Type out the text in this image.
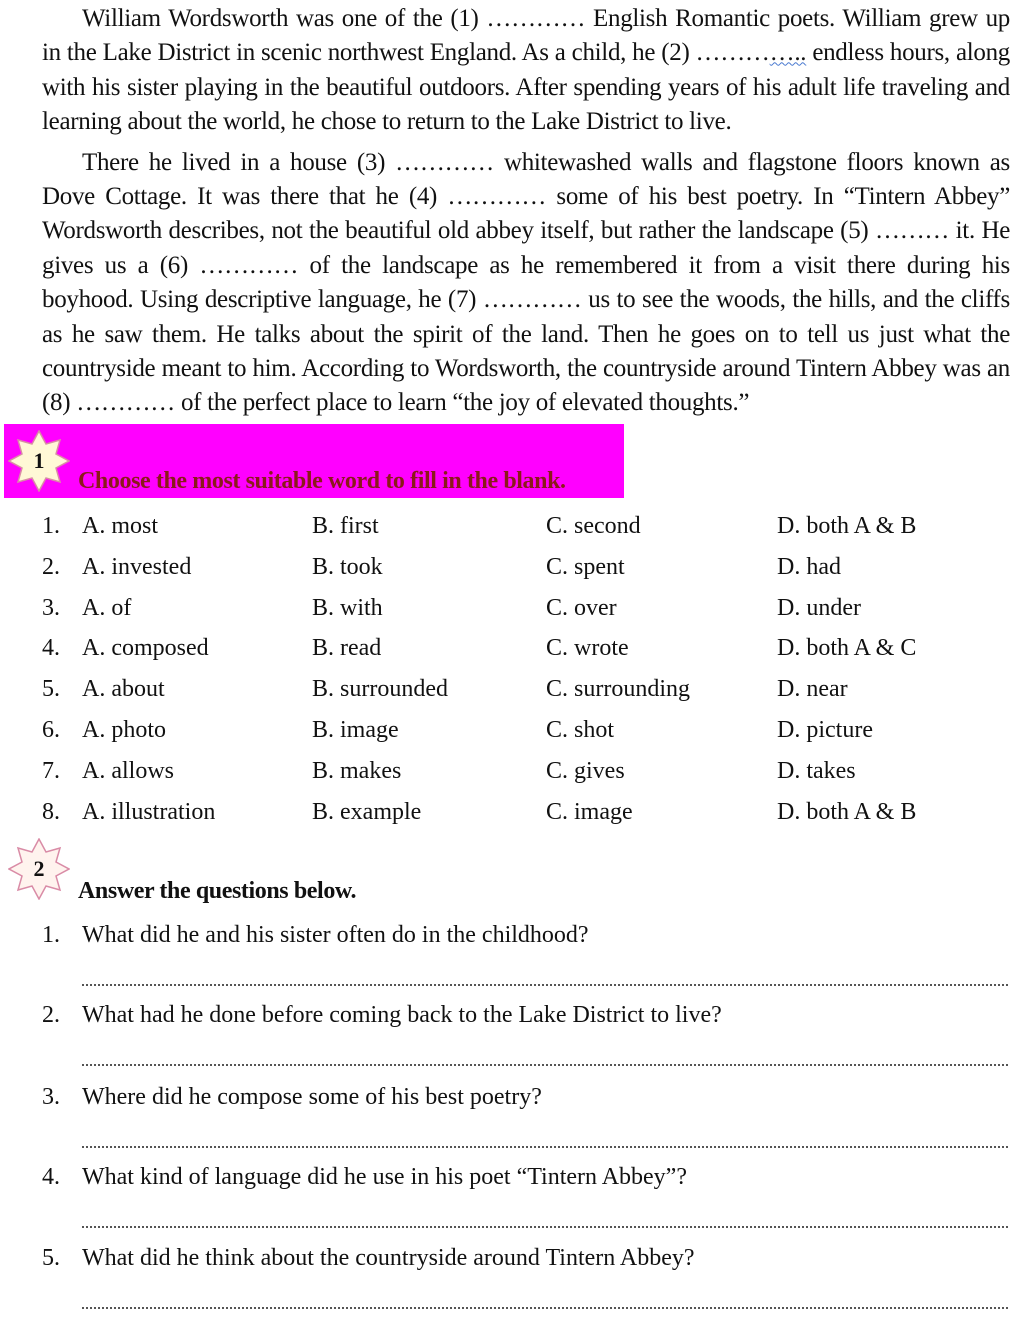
William Wordsworth was one of the (1) ………… English Romantic poets. William grew up in the Lake District in scenic northwest England. As a child, he (2) ………….. endless hours, along with his sister playing in the beautiful outdoors. After spending years of his adult life traveling and learning about the world, he chose to return to the Lake District to live.

There he lived in a house (3) ………… whitewashed walls and flagstone floors known as Dove Cottage. It was there that he (4) ………… some of his best poetry. In “Tintern Abbey” Wordsworth describes, not the beautiful old abbey itself, but rather the landscape (5) ……… it. He gives us a (6) ………… of the landscape as he remembered it from a visit there during his boyhood. Using descriptive language, he (7) ………… us to see the woods, the hills, and the cliffs as he saw them. He talks about the spirit of the land. Then he goes on to tell us just what the countryside meant to him. According to Wordsworth, the countryside around Tintern Abbey was an (8) ………… of the perfect place to learn “the joy of elevated thoughts.”

1
Choose the most suitable word to fill in the blank.
1. A. most	B. first	C. second	D. both A & B
2. A. invested	B. took	C. spent	D. had
3. A. of	B. with	C. over	D. under
4. A. composed	B. read	C. wrote	D. both A & C
5. A. about	B. surrounded	C. surrounding	D. near
6. A. photo	B. image	C. shot	D. picture
7. A. allows	B. makes	C. gives	D. takes
8. A. illustration	B. example	C. image	D. both A & B
2
Answer the questions below.
1. What did he and his sister often do in the childhood?
2. What had he done before coming back to the Lake District to live?
3. Where did he compose some of his best poetry?
4. What kind of language did he use in his poet “Tintern Abbey”?
5. What did he think about the countryside around Tintern Abbey?
